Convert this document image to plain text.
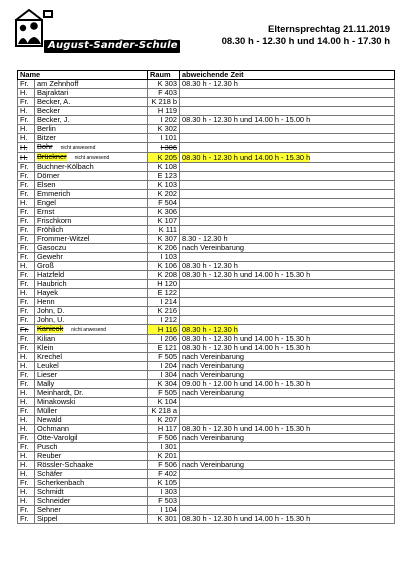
August-Sander-Schule
Elternsprechtag 21.11.2019
08.30 h - 12.30 h und 14.00 h - 17.30 h
Name		Raum	abweichende Zeit
Fr.	am Zehnhoff	K 303	08.30 h - 12.30 h
H.	Bajraktari	F 403	
Fr.	Becker, A.	K 218 b	
H.	Becker	H 119	
Fr.	Becker, J.	I 202	08.30 h - 12.30 h und 14.00 h - 15.00 h
H.	Berlin	K 302	
H.	Bitzer	I 101	
H.	Bohr nicht anwesend	I 306	
H.	Brückner nicht anwesend	K 205	08.30 h - 12.30 h und 14.00 h - 15.30 h
Fr.	Buchner-Kölbach	K 108	
Fr.	Dörner	E 123	
Fr.	Elsen	K 103	
Fr.	Emmerich	K 202	
H.	Engel	F 504	
Fr.	Ernst	K 306	
Fr.	Frischkorn	K 107	
Fr.	Fröhlich	K 111	
Fr.	Frommer-Witzel	K 307	8.30 - 12.30 h
Fr.	Gasoczu	K 206	nach Vereinbarung
Fr.	Gewehr	I 103	
H.	Groß	K 106	08.30 h - 12.30 h
Fr.	Hatzfeld	K 208	08.30 h - 12.30 h und 14.00 h - 15.30 h
Fr.	Haubrich	H 120	
H.	Hayek	E 122	
Fr.	Henn	I 214	
Fr.	John, D.	K 216	
Fr.	John, U.	I 212	
Fr.	Kanicok nicht anwesend	H 116	08.30 h - 12.30 h
Fr.	Kilian	I 206	08.30 h - 12.30 h und 14.00 h - 15.30 h
Fr.	Klein	E 121	08.30 h - 12.30 h und 14.00 h - 15.30 h
H.	Krechel	F 505	nach Vereinbarung
H.	Leukel	I 204	nach Vereinbarung
Fr.	Lieser	I 304	nach Vereinbarung
Fr.	Mally	K 304	09.00 h - 12.00 h und 14.00 h - 15.30 h
H.	Meinhardt, Dr.	F 505	nach Vereinbarung
H.	Minakowski	K 104	
Fr.	Müller	K 218 a	
H.	Newald	K 207	
H.	Ochmann	H 117	08.30 h - 12.30 h und 14.00 h - 15.30 h
Fr.	Otte-Varolgil	F 506	nach Vereinbarung
Fr.	Pusch	I 301	
H.	Reuber	K 201	
H.	Rössler-Schaake	F 506	nach Vereinbarung
H.	Schäfer	F 402	
Fr.	Scherkenbach	K 105	
H.	Schmidt	I 303	
H.	Schneider	F 503	
Fr.	Sehner	I 104	
Fr.	Sippel	K 301	08.30 h - 12.30 h und 14.00 h - 15.30 h
